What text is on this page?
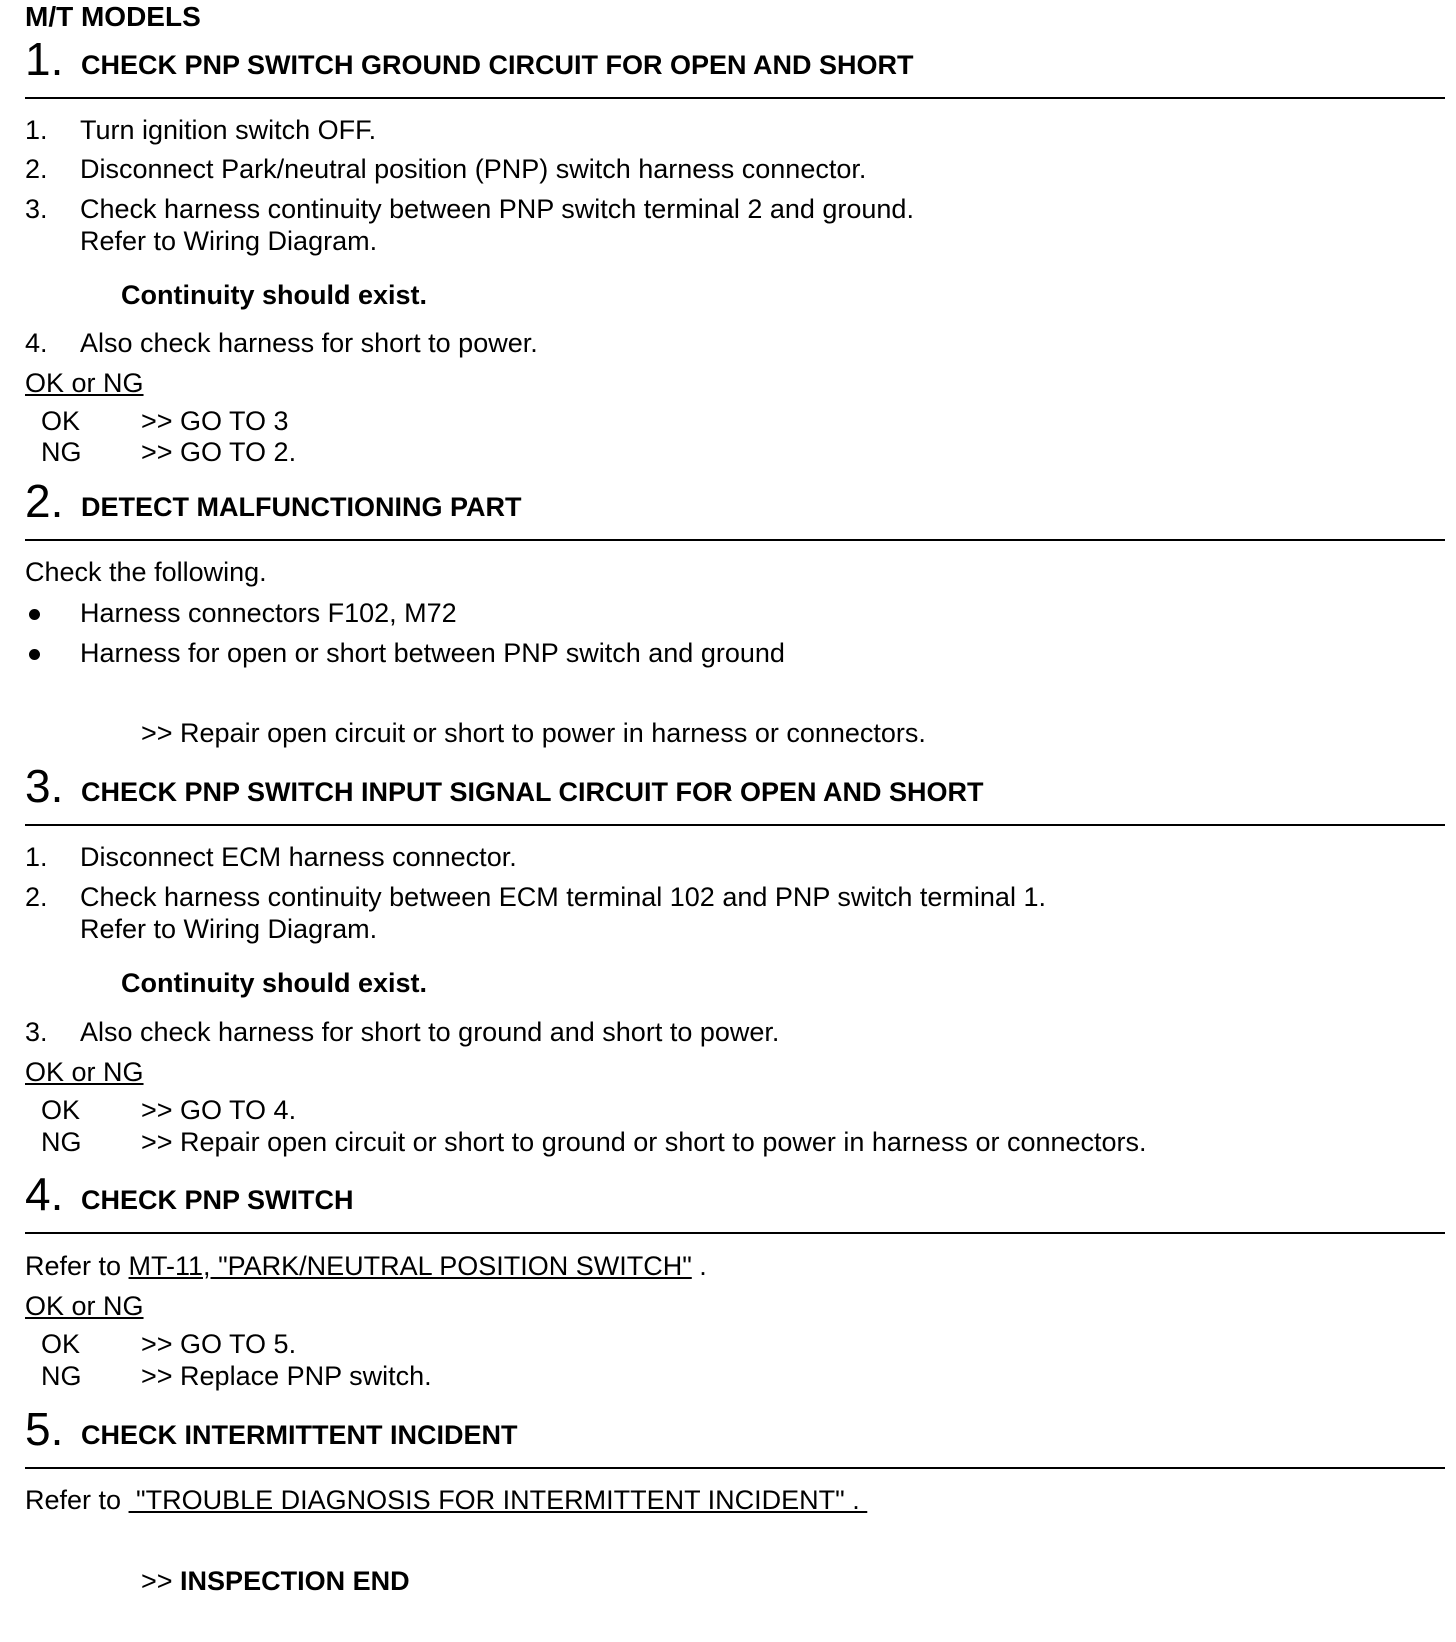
M/T MODELS
1. CHECK PNP SWITCH GROUND CIRCUIT FOR OPEN AND SHORT
1. Turn ignition switch OFF.
2. Disconnect Park/neutral position (PNP) switch harness connector.
3. Check harness continuity between PNP switch terminal 2 and ground.
Refer to Wiring Diagram.
Continuity should exist.
4. Also check harness for short to power.
OK or NG
OK >> GO TO 3
NG >> GO TO 2.
2. DETECT MALFUNCTIONING PART
Check the following.
Harness connectors F102, M72
Harness for open or short between PNP switch and ground
>> Repair open circuit or short to power in harness or connectors.
3. CHECK PNP SWITCH INPUT SIGNAL CIRCUIT FOR OPEN AND SHORT
1. Disconnect ECM harness connector.
2. Check harness continuity between ECM terminal 102 and PNP switch terminal 1.
Refer to Wiring Diagram.
Continuity should exist.
3. Also check harness for short to ground and short to power.
OK or NG
OK >> GO TO 4.
NG >> Repair open circuit or short to ground or short to power in harness or connectors.
4. CHECK PNP SWITCH
Refer to MT-11, "PARK/NEUTRAL POSITION SWITCH" .
OK or NG
OK >> GO TO 5.
NG >> Replace PNP switch.
5. CHECK INTERMITTENT INCIDENT
Refer to  "TROUBLE DIAGNOSIS FOR INTERMITTENT INCIDENT" .
>> INSPECTION END
